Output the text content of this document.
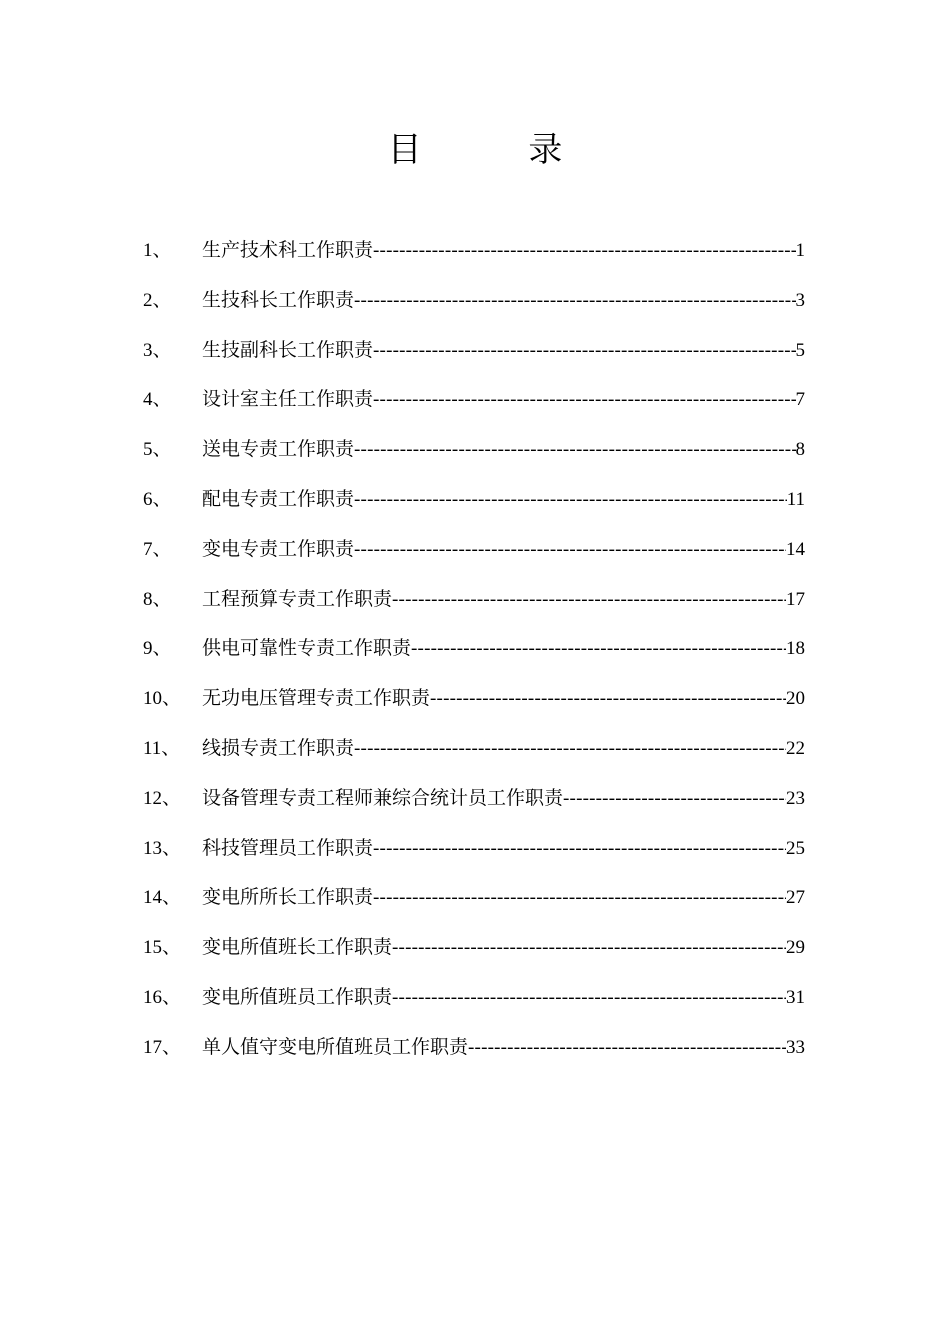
目 录
1、	生产技术科工作职责 -----	1
2、	生技科长工作职责 -----	3
3、	生技副科长工作职责 -----	5
4、	设计室主任工作职责 -----	7
5、	送电专责工作职责 -----	8
6、	配电专责工作职责 -----	11
7、	变电专责工作职责 -----	14
8、	工程预算专责工作职责 -----	17
9、	供电可靠性专责工作职责 -----	18
10、	无功电压管理专责工作职责 -----	20
11、	线损专责工作职责 -----	22
12、	设备管理专责工程师兼综合统计员工作职责 -----	23
13、	科技管理员工作职责 -----	25
14、	变电所所长工作职责 -----	27
15、	变电所值班长工作职责 -----	29
16、	变电所值班员工作职责 -----	31
17、	单人值守变电所值班员工作职责 -----	33
